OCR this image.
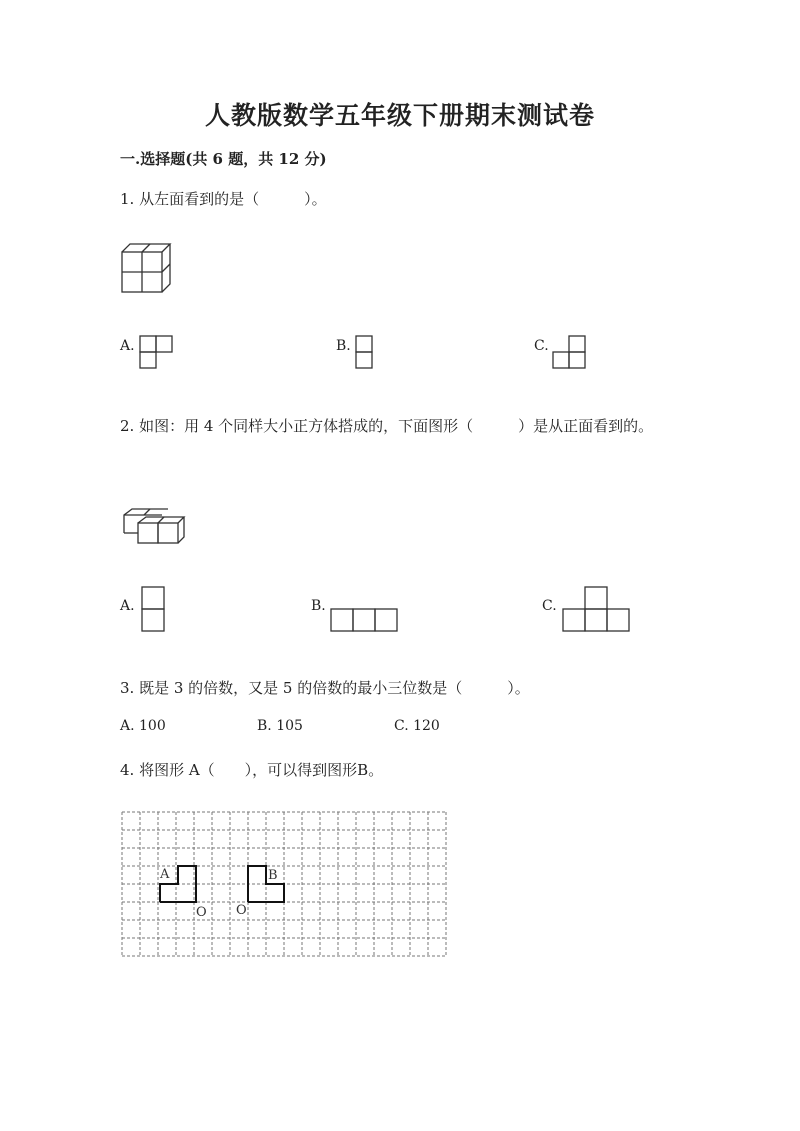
人教版数学五年级下册期末测试卷
一.选择题(共 6 题，共 12 分)
1. 从左面看到的是（　　　）。
A.	B.	C.
2. 如图：用 4 个同样大小正方体搭成的，下面图形（　　　）是从正面看到的。
A.	B.	C.
3. 既是 3 的倍数，又是 5 的倍数的最小三位数是（　　　）。
A. 100	B. 105	C. 120
4. 将图形 A（　　），可以得到图形B。
A	B
O O
